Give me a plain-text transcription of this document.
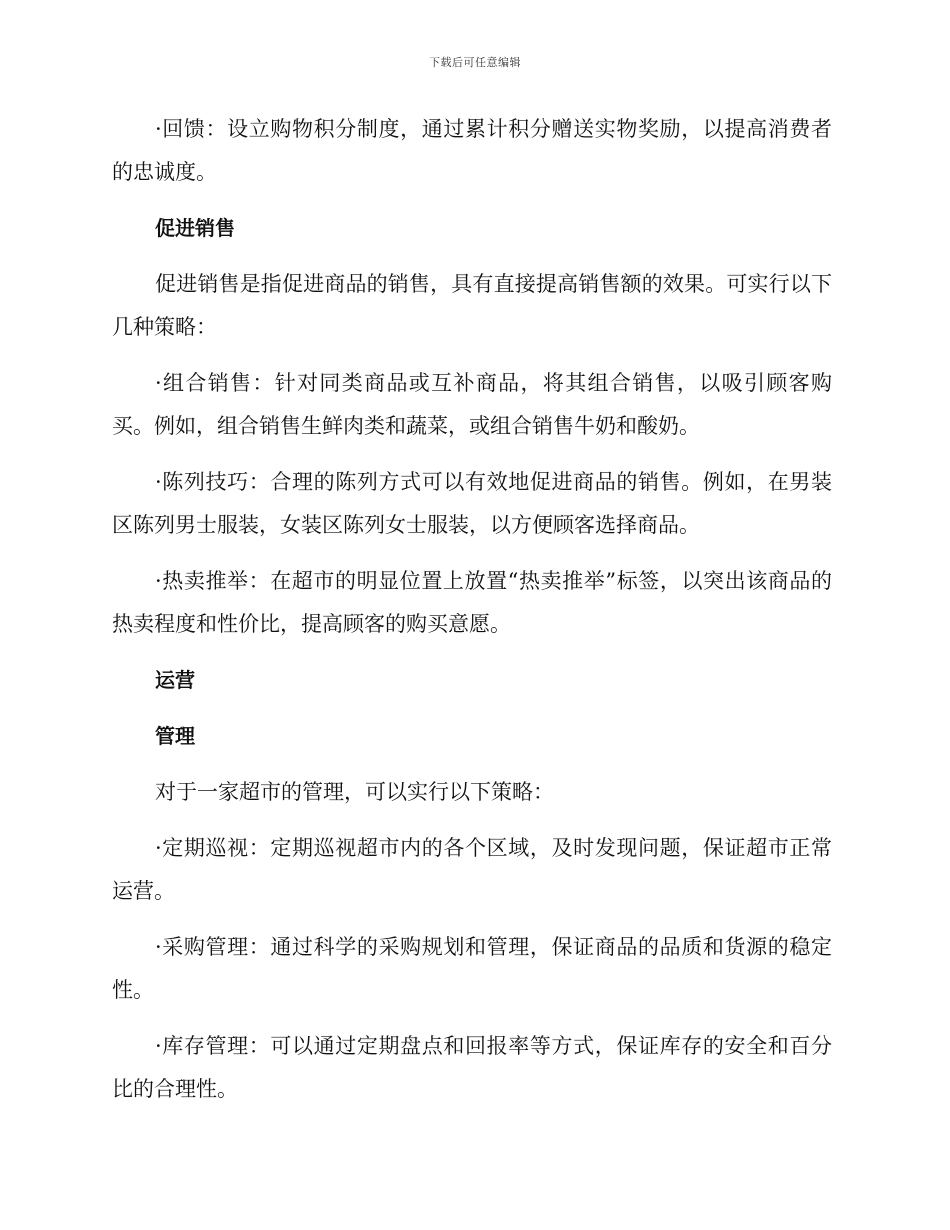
下载后可任意编辑

·回馈：设立购物积分制度，通过累计积分赠送实物奖励，以提高消费者的忠诚度。

促进销售

促进销售是指促进商品的销售，具有直接提高销售额的效果。可实行以下几种策略：

·组合销售：针对同类商品或互补商品，将其组合销售，以吸引顾客购买。例如，组合销售生鲜肉类和蔬菜，或组合销售牛奶和酸奶。

·陈列技巧：合理的陈列方式可以有效地促进商品的销售。例如，在男装区陈列男士服装，女装区陈列女士服装，以方便顾客选择商品。

·热卖推举：在超市的明显位置上放置“热卖推举”标签，以突出该商品的热卖程度和性价比，提高顾客的购买意愿。

运营

管理

对于一家超市的管理，可以实行以下策略：

·定期巡视：定期巡视超市内的各个区域，及时发现问题，保证超市正常运营。

·采购管理：通过科学的采购规划和管理，保证商品的品质和货源的稳定性。

·库存管理：可以通过定期盘点和回报率等方式，保证库存的安全和百分比的合理性。
